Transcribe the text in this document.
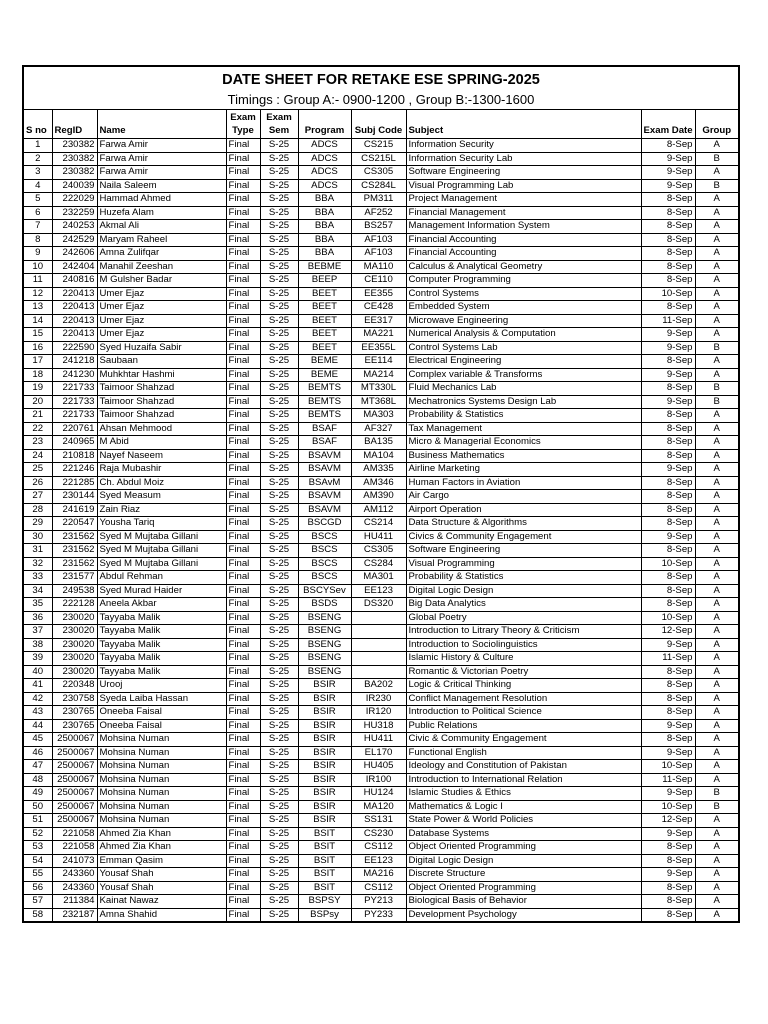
DATE SHEET FOR RETAKE ESE SPRING-2025
Timings : Group A:- 0900-1200 , Group B:-1300-1600
S no	RegID	Name	Exam Type	Exam Sem	Program	Subj Code	Subject	Exam Date	Group
1	230382	Farwa Amir	Final	S-25	ADCS	CS215	Information Security	8-Sep	A
2	230382	Farwa Amir	Final	S-25	ADCS	CS215L	Information Security Lab	9-Sep	B
3	230382	Farwa Amir	Final	S-25	ADCS	CS305	Software Engineering	9-Sep	A
4	240039	Naila Saleem	Final	S-25	ADCS	CS284L	Visual Programming Lab	9-Sep	B
5	222029	Hammad Ahmed	Final	S-25	BBA	PM311	Project Management	8-Sep	A
6	232259	Huzefa Alam	Final	S-25	BBA	AF252	Financial Management	8-Sep	A
7	240253	Akmal Ali	Final	S-25	BBA	BS257	Management Information System	8-Sep	A
8	242529	Maryam Raheel	Final	S-25	BBA	AF103	Financial Accounting	8-Sep	A
9	242606	Amna Zulifqar	Final	S-25	BBA	AF103	Financial Accounting	8-Sep	A
10	242404	Manahil Zeeshan	Final	S-25	BEBME	MA110	Calculus & Analytical Geometry	8-Sep	A
11	240816	M Gulsher Badar	Final	S-25	BEEP	CE110	Computer Programming	8-Sep	A
12	220413	Umer Ejaz	Final	S-25	BEET	EE355	Control Systems	10-Sep	A
13	220413	Umer Ejaz	Final	S-25	BEET	CE428	Embedded System	8-Sep	A
14	220413	Umer Ejaz	Final	S-25	BEET	EE317	Microwave Engineering	11-Sep	A
15	220413	Umer Ejaz	Final	S-25	BEET	MA221	Numerical Analysis & Computation	9-Sep	A
16	222590	Syed Huzaifa Sabir	Final	S-25	BEET	EE355L	Control Systems Lab	9-Sep	B
17	241218	Saubaan	Final	S-25	BEME	EE114	Electrical Engineering	8-Sep	A
18	241230	Muhkhtar Hashmi	Final	S-25	BEME	MA214	Complex variable & Transforms	9-Sep	A
19	221733	Taimoor Shahzad	Final	S-25	BEMTS	MT330L	Fluid Mechanics Lab	8-Sep	B
20	221733	Taimoor Shahzad	Final	S-25	BEMTS	MT368L	Mechatronics Systems Design Lab	9-Sep	B
21	221733	Taimoor Shahzad	Final	S-25	BEMTS	MA303	Probability & Statistics	8-Sep	A
22	220761	Ahsan Mehmood	Final	S-25	BSAF	AF327	Tax Management	8-Sep	A
23	240965	M Abid	Final	S-25	BSAF	BA135	Micro & Managerial Economics	8-Sep	A
24	210818	Nayef Naseem	Final	S-25	BSAVM	MA104	Business Mathematics	8-Sep	A
25	221246	Raja Mubashir	Final	S-25	BSAVM	AM335	Airline Marketing	9-Sep	A
26	221285	Ch. Abdul Moiz	Final	S-25	BSAvM	AM346	Human Factors in Aviation	8-Sep	A
27	230144	Syed Measum	Final	S-25	BSAVM	AM390	Air Cargo	8-Sep	A
28	241619	Zain Riaz	Final	S-25	BSAVM	AM112	Airport Operation	8-Sep	A
29	220547	Yousha Tariq	Final	S-25	BSCGD	CS214	Data Structure & Algorithms	8-Sep	A
30	231562	Syed M Mujtaba Gillani	Final	S-25	BSCS	HU411	Civics & Community Engagement	9-Sep	A
31	231562	Syed M Mujtaba Gillani	Final	S-25	BSCS	CS305	Software Engineering	8-Sep	A
32	231562	Syed M Mujtaba Gillani	Final	S-25	BSCS	CS284	Visual Programming	10-Sep	A
33	231577	Abdul Rehman	Final	S-25	BSCS	MA301	Probability & Statistics	8-Sep	A
34	249538	Syed Murad Haider	Final	S-25	BSCYSev	EE123	Digital Logic Design	8-Sep	A
35	222128	Aneela Akbar	Final	S-25	BSDS	DS320	Big Data Analytics	8-Sep	A
36	230020	Tayyaba Malik	Final	S-25	BSENG		Global Poetry	10-Sep	A
37	230020	Tayyaba Malik	Final	S-25	BSENG		Introduction to Litrary Theory & Criticism	12-Sep	A
38	230020	Tayyaba Malik	Final	S-25	BSENG		Introduction to Sociolinguistics	9-Sep	A
39	230020	Tayyaba Malik	Final	S-25	BSENG		Islamic History & Culture	11-Sep	A
40	230020	Tayyaba Malik	Final	S-25	BSENG		Romantic & Victorian Poetry	8-Sep	A
41	220348	Urooj	Final	S-25	BSIR	BA202	Logic & Critical Thinking	8-Sep	A
42	230758	Syeda Laiba Hassan	Final	S-25	BSIR	IR230	Conflict Management Resolution	8-Sep	A
43	230765	Oneeba Faisal	Final	S-25	BSIR	IR120	Introduction to Political Science	8-Sep	A
44	230765	Oneeba Faisal	Final	S-25	BSIR	HU318	Public Relations	9-Sep	A
45	2500067	Mohsina Numan	Final	S-25	BSIR	HU411	Civic & Community Engagement	8-Sep	A
46	2500067	Mohsina Numan	Final	S-25	BSIR	EL170	Functional English	9-Sep	A
47	2500067	Mohsina Numan	Final	S-25	BSIR	HU405	Ideology and Constitution of Pakistan	10-Sep	A
48	2500067	Mohsina Numan	Final	S-25	BSIR	IR100	Introduction to International Relation	11-Sep	A
49	2500067	Mohsina Numan	Final	S-25	BSIR	HU124	Islamic Studies & Ethics	9-Sep	B
50	2500067	Mohsina Numan	Final	S-25	BSIR	MA120	Mathematics & Logic I	10-Sep	B
51	2500067	Mohsina Numan	Final	S-25	BSIR	SS131	State Power & World Policies	12-Sep	A
52	221058	Ahmed Zia Khan	Final	S-25	BSIT	CS230	Database Systems	9-Sep	A
53	221058	Ahmed Zia Khan	Final	S-25	BSIT	CS112	Object Oriented Programming	8-Sep	A
54	241073	Emman Qasim	Final	S-25	BSIT	EE123	Digital Logic Design	8-Sep	A
55	243360	Yousaf Shah	Final	S-25	BSIT	MA216	Discrete Structure	9-Sep	A
56	243360	Yousaf Shah	Final	S-25	BSIT	CS112	Object Oriented Programming	8-Sep	A
57	211384	Kainat Nawaz	Final	S-25	BSPSY	PY213	Biological Basis of Behavior	8-Sep	A
58	232187	Amna Shahid	Final	S-25	BSPsy	PY233	Development Psychology	8-Sep	A
